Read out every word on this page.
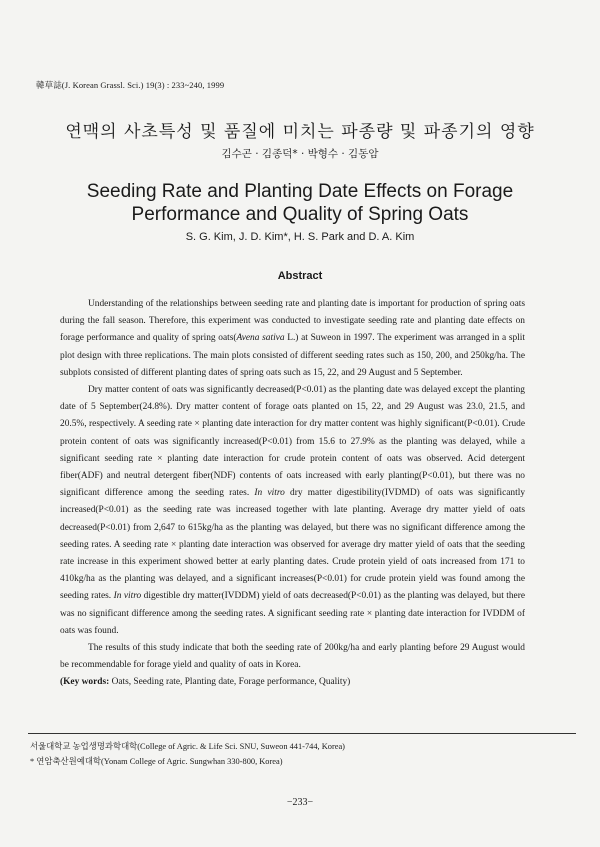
韓草誌(J. Korean Grassl. Sci.) 19(3) : 233~240, 1999
연맥의 사초특성 및 품질에 미치는 파종량 및 파종기의 영향
김수곤 · 김종덕* · 박형수 · 김동암
Seeding Rate and Planting Date Effects on Forage
Performance and Quality of Spring Oats
S. G. Kim, J. D. Kim*, H. S. Park and D. A. Kim
Abstract

Understanding of the relationships between seeding rate and planting date is important for production of spring oats during the fall season. Therefore, this experiment was conducted to investigate seeding rate and planting date effects on forage performance and quality of spring oats(Avena sativa L.) at Suweon in 1997. The experiment was arranged in a split plot design with three replications. The main plots consisted of different seeding rates such as 150, 200, and 250kg/ha. The subplots consisted of different planting dates of spring oats such as 15, 22, and 29 August and 5 September.

Dry matter content of oats was significantly decreased(P<0.01) as the planting date was delayed except the planting date of 5 September(24.8%). Dry matter content of forage oats planted on 15, 22, and 29 August was 23.0, 21.5, and 20.5%, respectively. A seeding rate × planting date interaction for dry matter content was highly significant(P<0.01). Crude protein content of oats was significantly increased(P<0.01) from 15.6 to 27.9% as the planting was delayed, while a significant seeding rate × planting date interaction for crude protein content of oats was observed. Acid detergent fiber(ADF) and neutral detergent fiber(NDF) contents of oats increased with early planting(P<0.01), but there was no significant difference among the seeding rates. In vitro dry matter digestibility(IVDMD) of oats was significantly increased(P<0.01) as the seeding rate was increased together with late planting. Average dry matter yield of oats decreased(P<0.01) from 2,647 to 615kg/ha as the planting was delayed, but there was no significant difference among the seeding rates. A seeding rate × planting date interaction was observed for average dry matter yield of oats that the seeding rate increase in this experiment showed better at early planting dates. Crude protein yield of oats increased from 171 to 410kg/ha as the planting was delayed, and a significant increases(P<0.01) for crude protein yield was found among the seeding rates. In vitro digestible dry matter(IVDDM) yield of oats decreased(P<0.01) as the planting was delayed, but there was no significant difference among the seeding rates. A significant seeding rate × planting date interaction for IVDDM of oats was found.

The results of this study indicate that both the seeding rate of 200kg/ha and early planting before 29 August would be recommendable for forage yield and quality of oats in Korea.

(Key words: Oats, Seeding rate, Planting date, Forage performance, Quality)

서울대학교 농업생명과학대학(College of Agric. & Life Sci. SNU, Suweon 441-744, Korea)
* 연암축산원예대학(Yonam College of Agric. Sungwhan 330-800, Korea)
−233−
